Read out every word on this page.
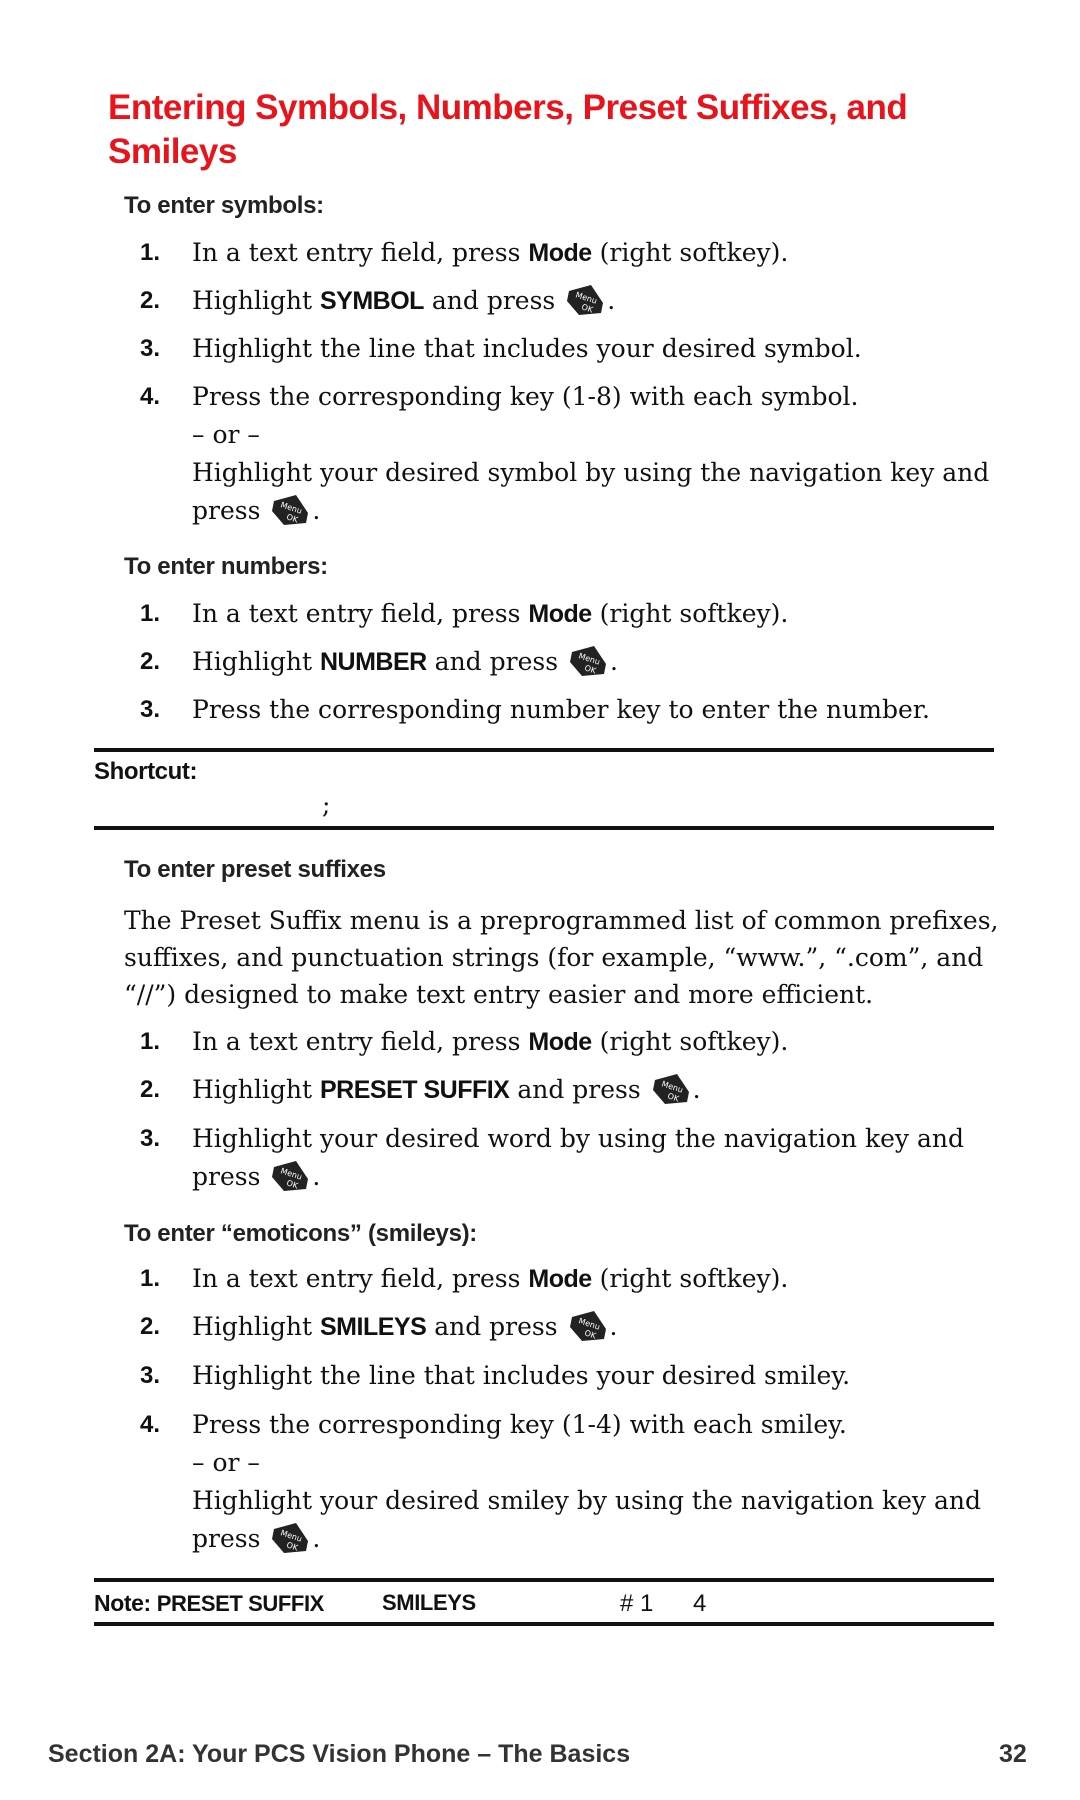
Entering Symbols, Numbers, Preset Suffixes, and Smileys
To enter symbols:
1.	In a text entry field, press Mode (right softkey).
2.	Highlight SYMBOL and press .
3.	Highlight the line that includes your desired symbol.
4.	Press the corresponding key (1-8) with each symbol.
– or –
Highlight your desired symbol by using the navigation key and
press .
To enter numbers:
1.	In a text entry field, press Mode (right softkey).
2.	Highlight NUMBER and press .
3.	Press the corresponding number key to enter the number.
Shortcut:
;
To enter preset suffixes
The Preset Suffix menu is a preprogrammed list of common prefixes, suffixes, and punctuation strings (for example, “www.”, “.com”, and “//”) designed to make text entry easier and more efficient.
1.	In a text entry field, press Mode (right softkey).
2.	Highlight PRESET SUFFIX and press .
3.	Highlight your desired word by using the navigation key and
press .
To enter “emoticons” (smileys):
1.	In a text entry field, press Mode (right softkey).
2.	Highlight SMILEYS and press .
3.	Highlight the line that includes your desired smiley.
4.	Press the corresponding key (1-4) with each smiley.
– or –
Highlight your desired smiley by using the navigation key and
press .
Note: PRESET SUFFIX	SMILEYS	# 1 4
Section 2A: Your PCS Vision Phone – The Basics	32
